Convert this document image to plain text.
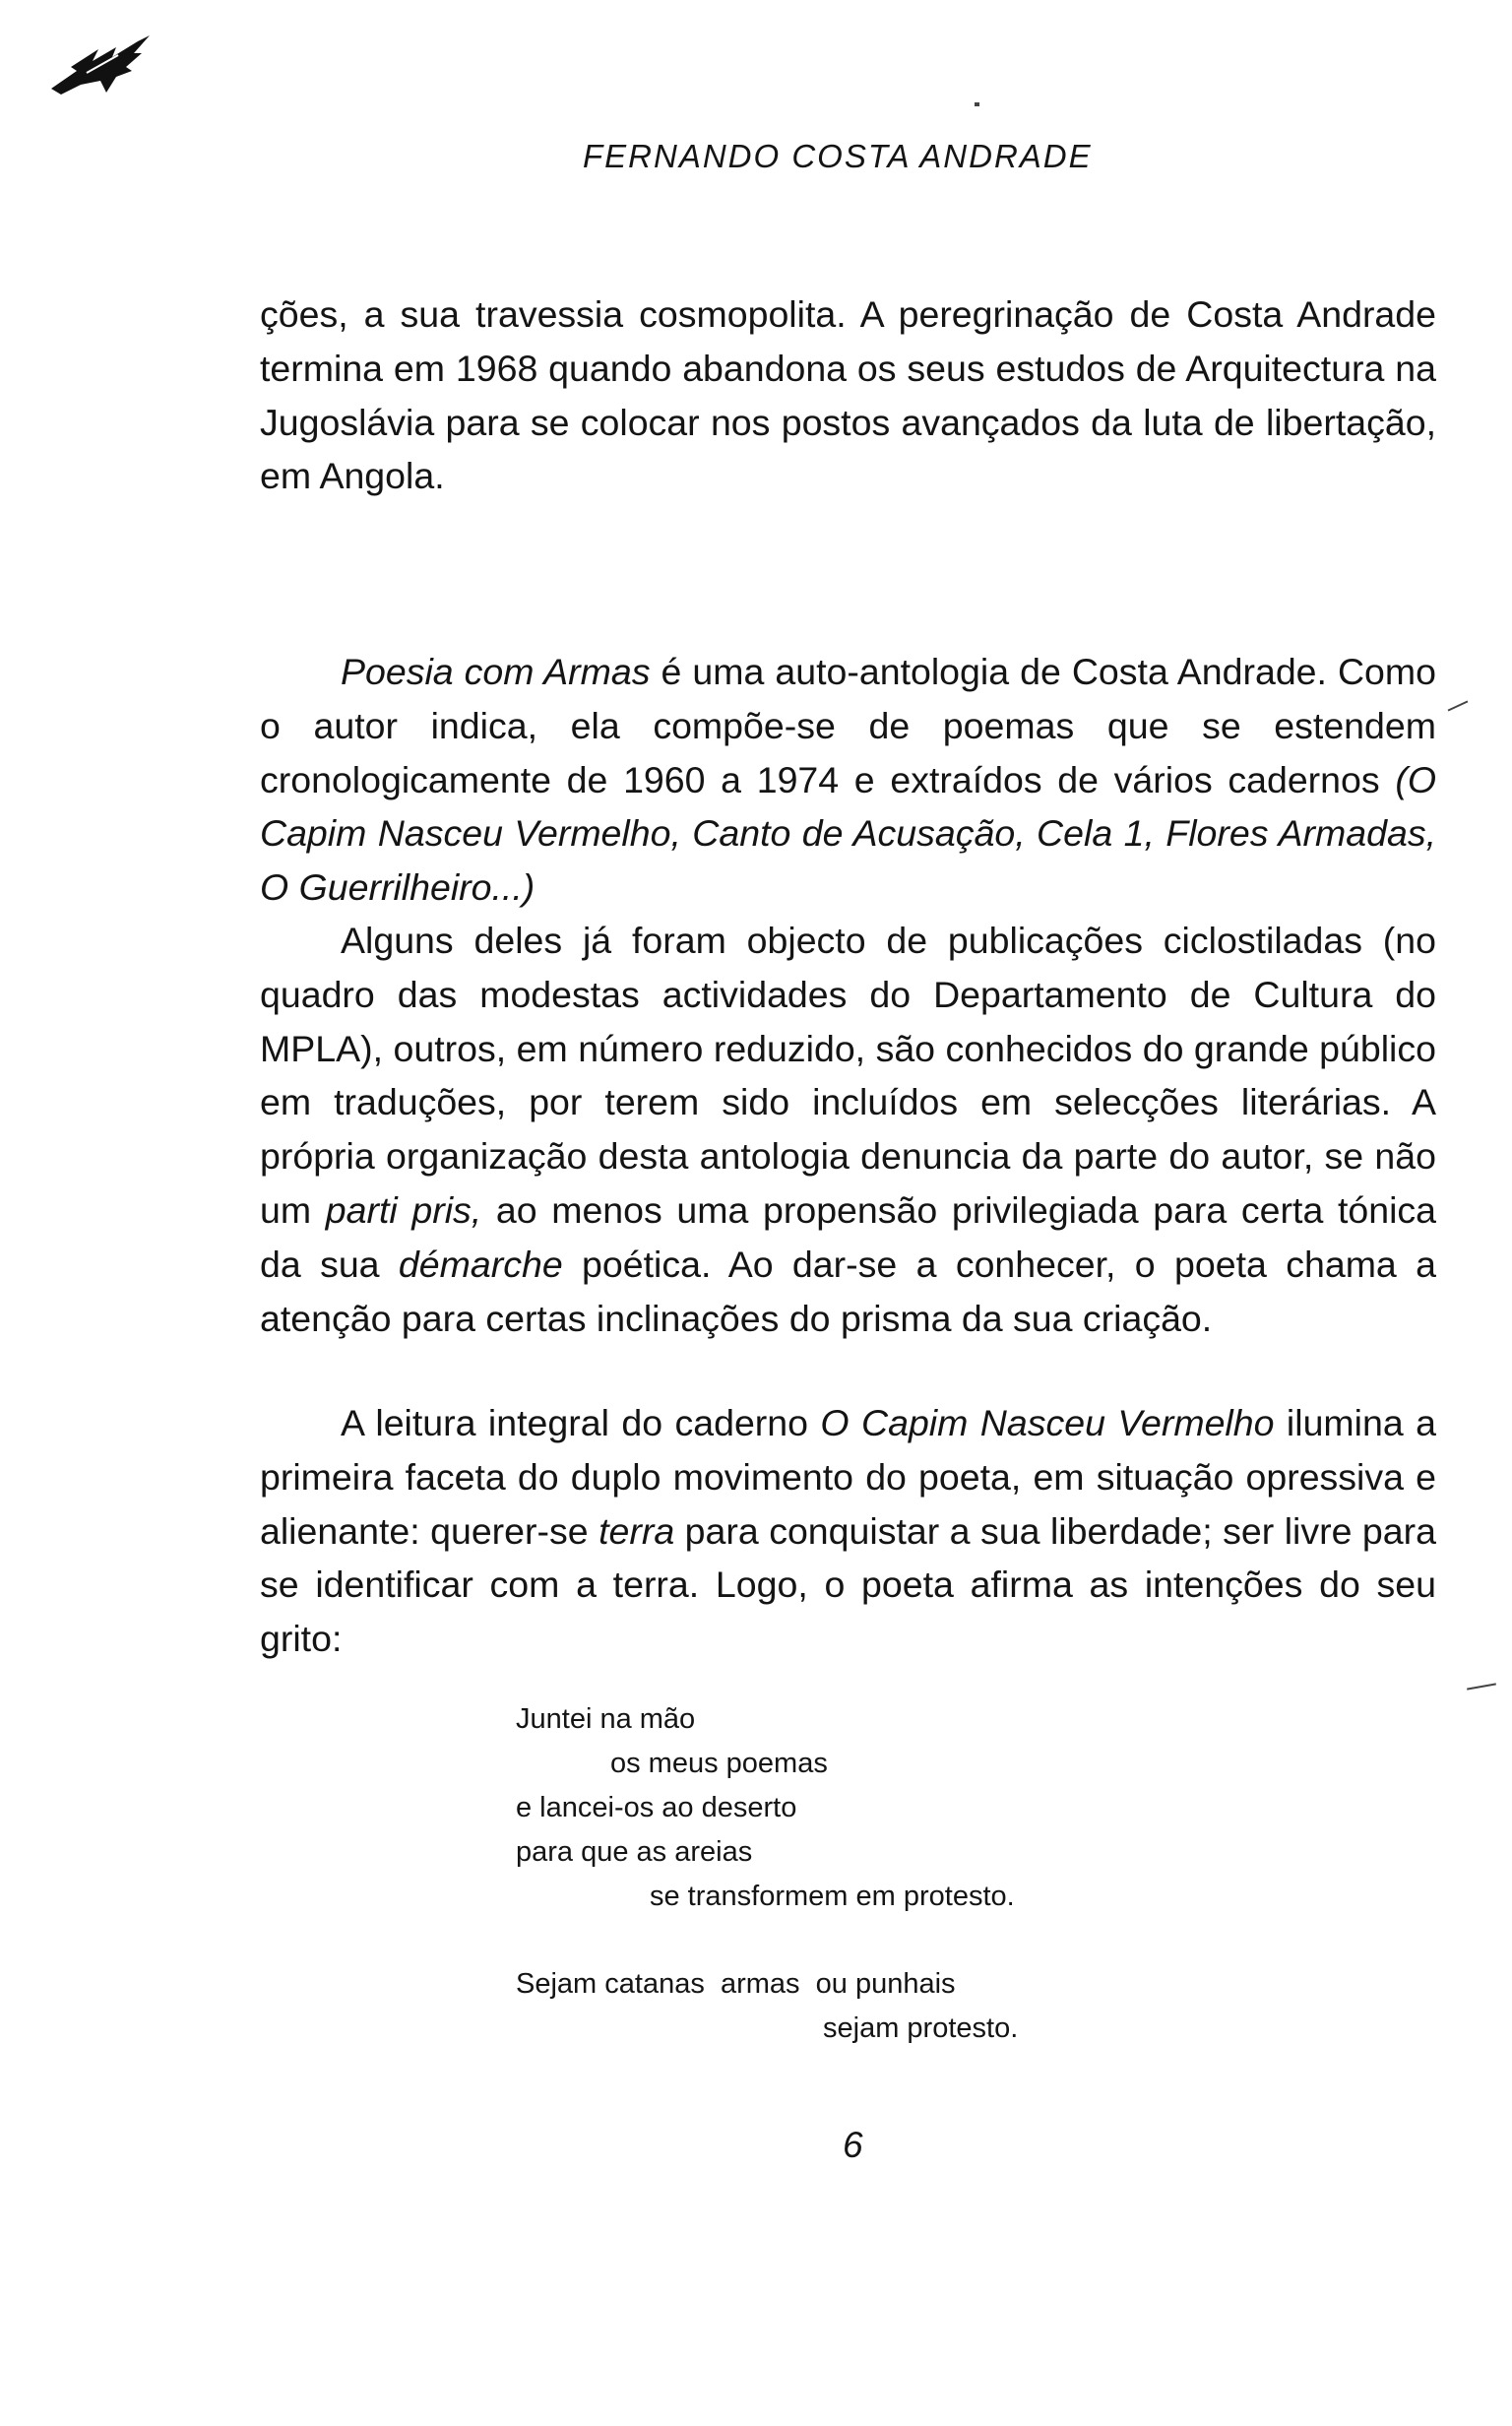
FERNANDO COSTA ANDRADE

ções, a sua travessia cosmopolita. A peregrinação de Costa Andrade termina em 1968 quando abandona os seus estudos de Arquitectura na Jugoslávia para se colocar nos postos avançados da luta de libertação, em Angola.

Poesia com Armas é uma auto-antologia de Costa Andrade. Como o autor indica, ela compõe-se de poemas que se estendem cronologicamente de 1960 a 1974 e extraídos de vários cadernos (O Capim Nasceu Vermelho, Canto de Acusação, Cela 1, Flores Armadas, O Guerrilheiro...)

Alguns deles já foram objecto de publicações ciclostiladas (no quadro das modestas actividades do Departamento de Cultura do MPLA), outros, em número reduzido, são conhecidos do grande público em traduções, por terem sido incluídos em selecções literárias. A própria organização desta antologia denuncia da parte do autor, se não um parti pris, ao menos uma propensão privilegiada para certa tónica da sua démarche poética. Ao dar-se a conhecer, o poeta chama a atenção para certas inclinações do prisma da sua criação.

A leitura integral do caderno O Capim Nasceu Vermelho ilumina a primeira faceta do duplo movimento do poeta, em situação opressiva e alienante: querer-se terra para conquistar a sua liberdade; ser livre para se identificar com a terra. Logo, o poeta afirma as intenções do seu grito:

Juntei na mão
os meus poemas
e lancei-os ao deserto
para que as areias
se transformem em protesto.
Sejam catanas  armas  ou punhais
sejam protesto.

6
